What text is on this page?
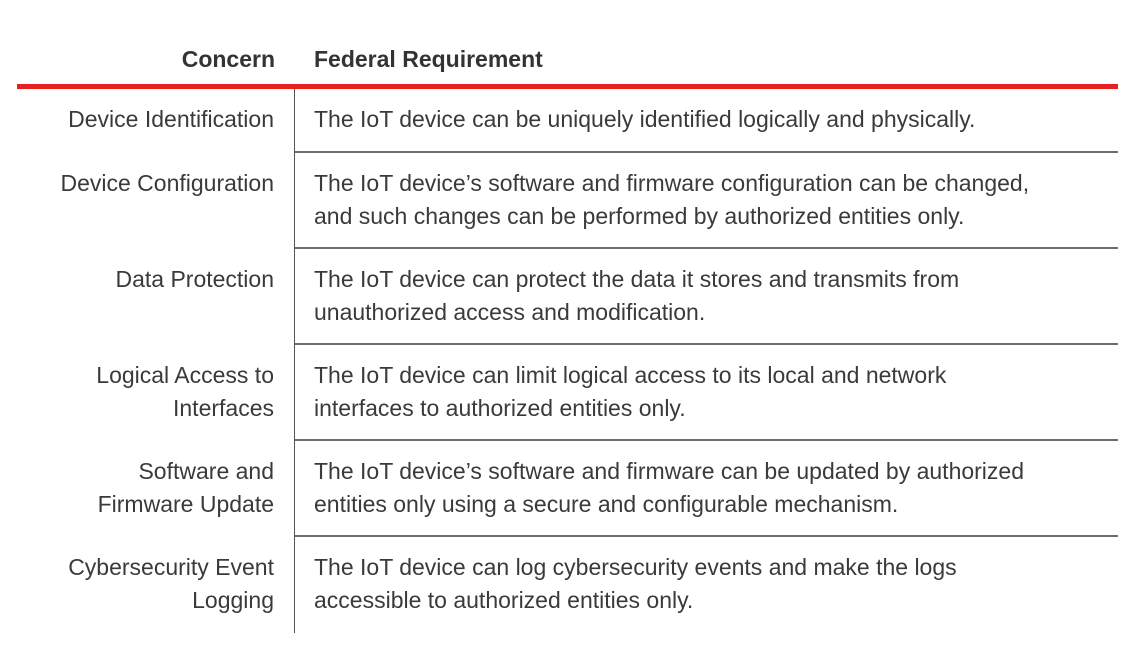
Concern	Federal Requirement
Device Identification The IoT device can be uniquely identified logically and physically.
Device Configuration The IoT device’s software and firmware configuration can be changed,
and such changes can be performed by authorized entities only.
Data Protection The IoT device can protect the data it stores and transmits from
unauthorized access and modification.
Logical Access to
Interfaces
The IoT device can limit logical access to its local and network
interfaces to authorized entities only.
Software and
Firmware Update
The IoT device’s software and firmware can be updated by authorized
entities only using a secure and configurable mechanism.
Cybersecurity Event
Logging
The IoT device can log cybersecurity events and make the logs
accessible to authorized entities only.
